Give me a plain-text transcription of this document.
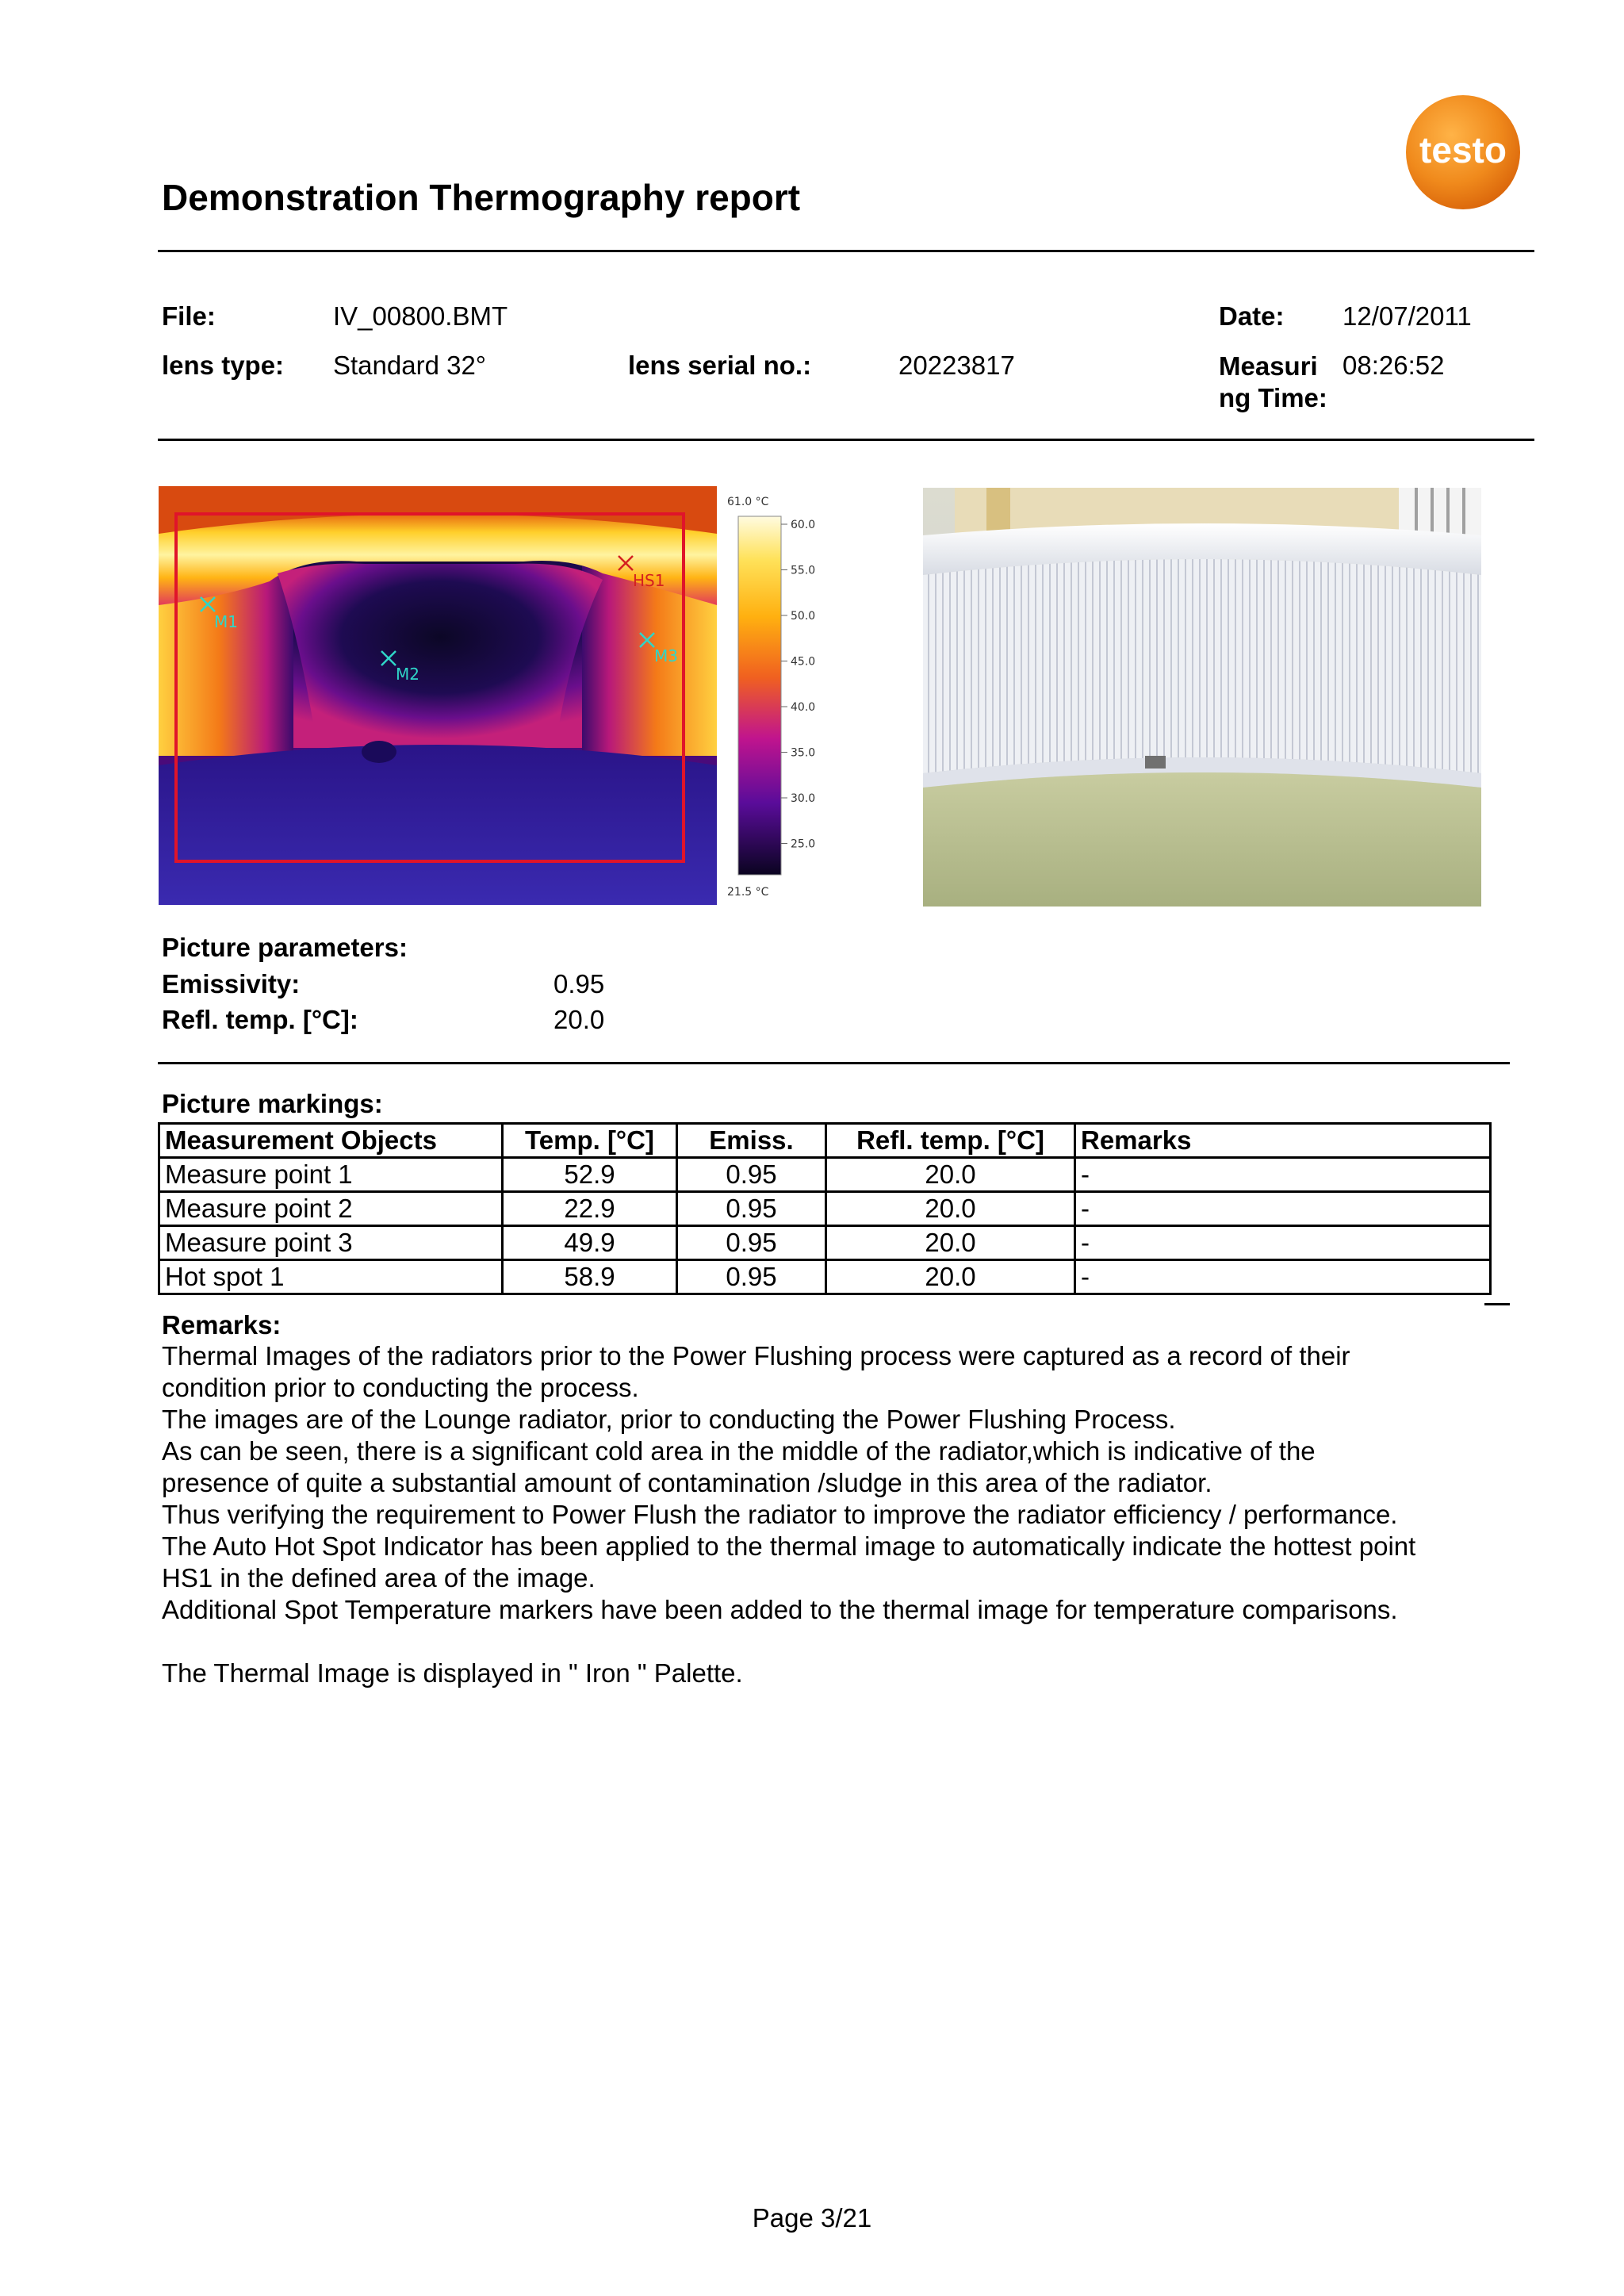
Demonstration Thermography report
testo
File:	IV_00800.BMT	Date: 12/07/2011
lens type: Standard 32°	lens serial no.:	20223817	Measuri
ng Time:
08:26:52
M1
M2
M3
HS1
61.0 °C
60.0
55.0
50.0
45.0
40.0
35.0
30.0
25.0
21.5 °C
Picture parameters:
Emissivity:	0.95
Refl. temp. [°C]:	20.0
Picture markings:
Measurement Objects	Temp. [°C]	Emiss.	Refl. temp. [°C]	Remarks
Measure point 1	52.9	0.95	20.0	-
Measure point 2	22.9	0.95	20.0	-
Measure point 3	49.9	0.95	20.0	-
Hot spot 1	58.9	0.95	20.0	-
Remarks:

Thermal Images of the radiators prior to the Power Flushing process were captured as a record of their

condition prior to conducting the process.

The images are of the Lounge radiator, prior to conducting the Power Flushing Process.

As can be seen, there is a significant cold area in the middle of the radiator,which is indicative of the

presence of quite a substantial amount of contamination /sludge in this area of the radiator.

Thus verifying the requirement to Power Flush the radiator to improve the radiator efficiency / performance.

The Auto Hot Spot Indicator has been applied to the thermal image to automatically indicate the hottest point

HS1 in the defined area of the image.

Additional Spot Temperature markers have been added to the thermal image for temperature comparisons.

The Thermal Image is displayed in " Iron " Palette.

Page 3/21
